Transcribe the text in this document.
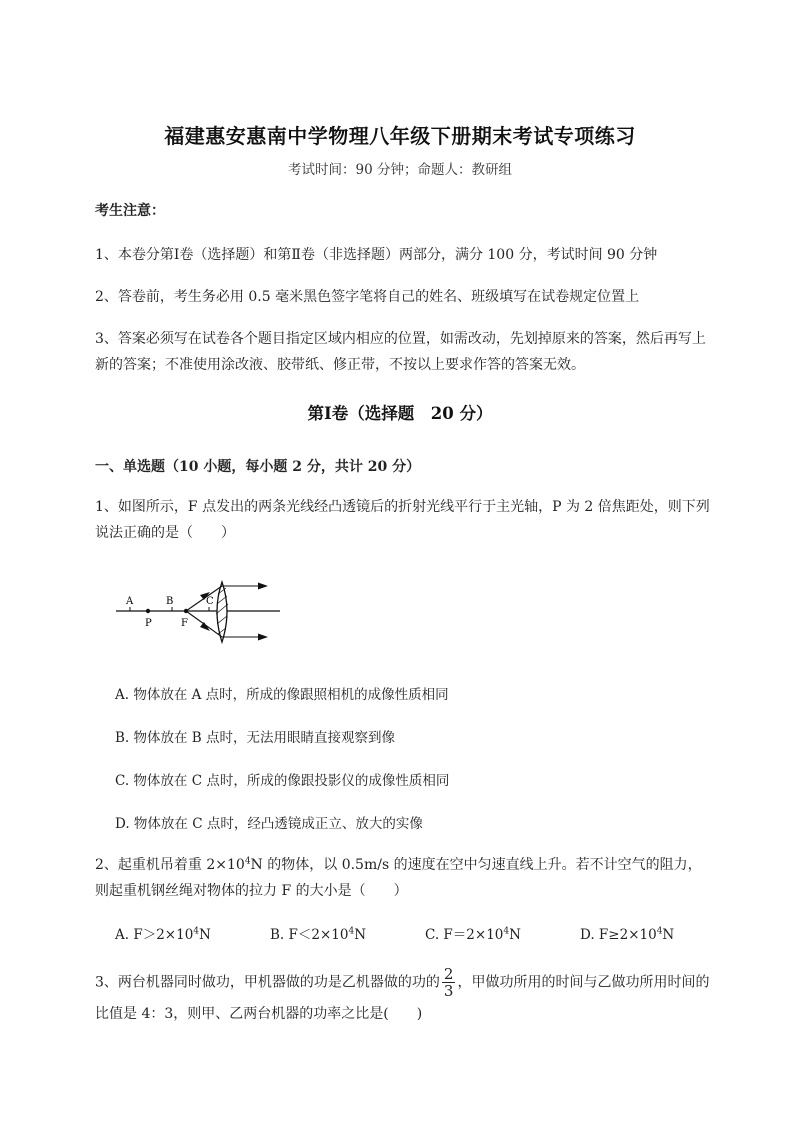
福建惠安惠南中学物理八年级下册期末考试专项练习
考试时间：90 分钟；命题人：教研组
考生注意：
1、本卷分第Ⅰ卷（选择题）和第Ⅱ卷（非选择题）两部分，满分 100 分，考试时间 90 分钟
2、答卷前，考生务必用 0.5 毫米黑色签字笔将自己的姓名、班级填写在试卷规定位置上
3、答案必须写在试卷各个题目指定区域内相应的位置，如需改动，先划掉原来的答案，然后再写上新的答案；不准使用涂改液、胶带纸、修正带，不按以上要求作答的答案无效。
第Ⅰ卷（选择题　20 分）
一、单选题（10 小题，每小题 2 分，共计 20 分）
1、如图所示，F 点发出的两条光线经凸透镜后的折射光线平行于主光轴，P 为 2 倍焦距处，则下列说法正确的是（　　）
A	B	C
P	F
A. 物体放在 A 点时，所成的像跟照相机的成像性质相同
B. 物体放在 B 点时，无法用眼睛直接观察到像
C. 物体放在 C 点时，所成的像跟投影仪的成像性质相同
D. 物体放在 C 点时，经凸透镜成正立、放大的实像
2、起重机吊着重 $2\times 10^4N$ 的物体，以 0.5m/s 的速度在空中匀速直线上升。若不计空气的阻力，则起重机钢丝绳对物体的拉力 F 的大小是（　　）
A. $F>2\times 10^4N$	B. $F<2\times 10^4N$	C. $F=2\times 10^4N$	D. $F\ge 2\times 10^4N$
3、两台机器同时做功，甲机器做的功是乙机器做的功的 $\frac{2}{3}$ ，甲做功所用的时间与乙做功所用时间的比值是 4：3，则甲、乙两台机器的功率之比是(　　)
